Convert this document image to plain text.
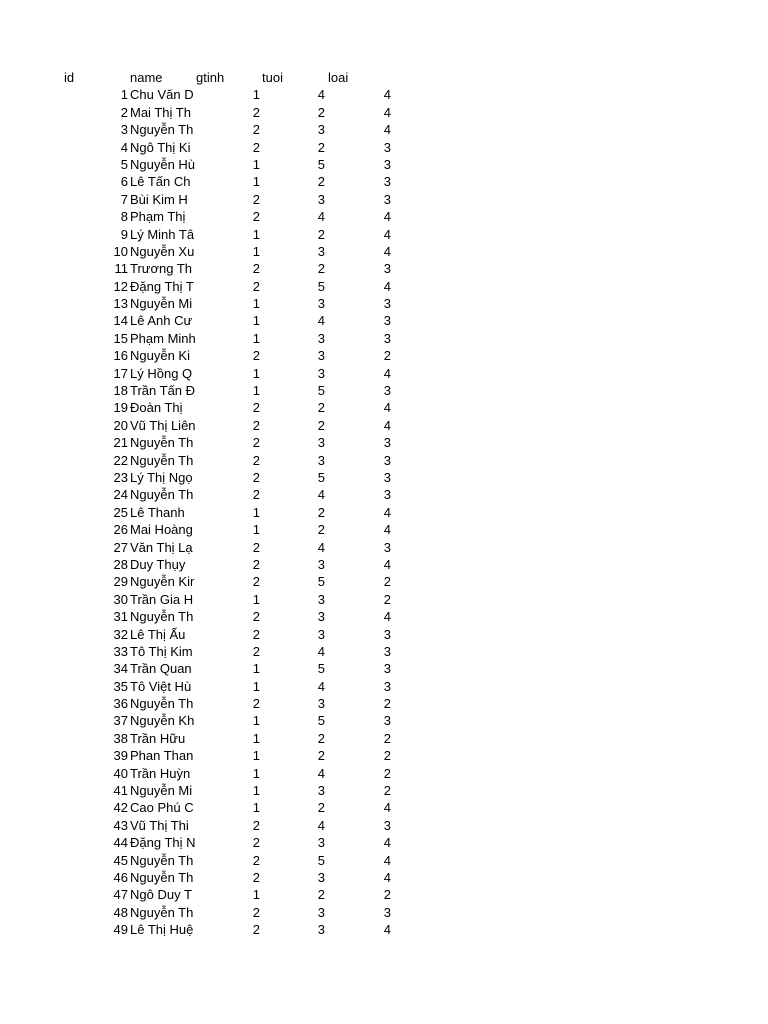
id	name	gtinh	tuoi	loai
1 Chu Văn D	1	4	4
2 Mai Thị Th	2	2	4
3 Nguyễn Th	2	3	4
4 Ngô Thị Ki	2	2	3
5 Nguyễn Hù	1	5	3
6 Lê Tấn Ch	1	2	3
7 Bùi Kim H	2	3	3
8 Phạm Thị	2	4	4
9 Lý Minh Tâ	1	2	4
10 Nguyễn Xu	1	3	4
11 Trương Th	2	2	3
12 Đặng Thị T	2	5	4
13 Nguyễn Mi	1	3	3
14 Lê Anh Cư	1	4	3
15 Phạm Minh	1	3	3
16 Nguyễn Ki	2	3	2
17 Lý Hồng Q	1	3	4
18 Trần Tấn Đ	1	5	3
19 Đoàn Thị	2	2	4
20 Vũ Thị Liên	2	2	4
21 Nguyễn Th	2	3	3
22 Nguyễn Th	2	3	3
23 Lý Thị Ngọ	2	5	3
24 Nguyễn Th	2	4	3
25 Lê Thanh	1	2	4
26 Mai Hoàng	1	2	4
27 Văn Thị Lạ	2	4	3
28 Duy Thụy	2	3	4
29 Nguyễn Kir	2	5	2
30 Trần Gia H	1	3	2
31 Nguyễn Th	2	3	4
32 Lê Thị Ấu	2	3	3
33 Tô Thị Kim	2	4	3
34 Trần Quan	1	5	3
35 Tô Việt Hù	1	4	3
36 Nguyễn Th	2	3	2
37 Nguyễn Kh	1	5	3
38 Trần Hữu	1	2	2
39 Phan Than	1	2	2
40 Trần Huỳn	1	4	2
41 Nguyễn Mi	1	3	2
42 Cao Phú C	1	2	4
43 Vũ Thị Thi	2	4	3
44 Đặng Thị N	2	3	4
45 Nguyễn Th	2	5	4
46 Nguyễn Th	2	3	4
47 Ngô Duy T	1	2	2
48 Nguyễn Th	2	3	3
49 Lê Thị Huệ	2	3	4
